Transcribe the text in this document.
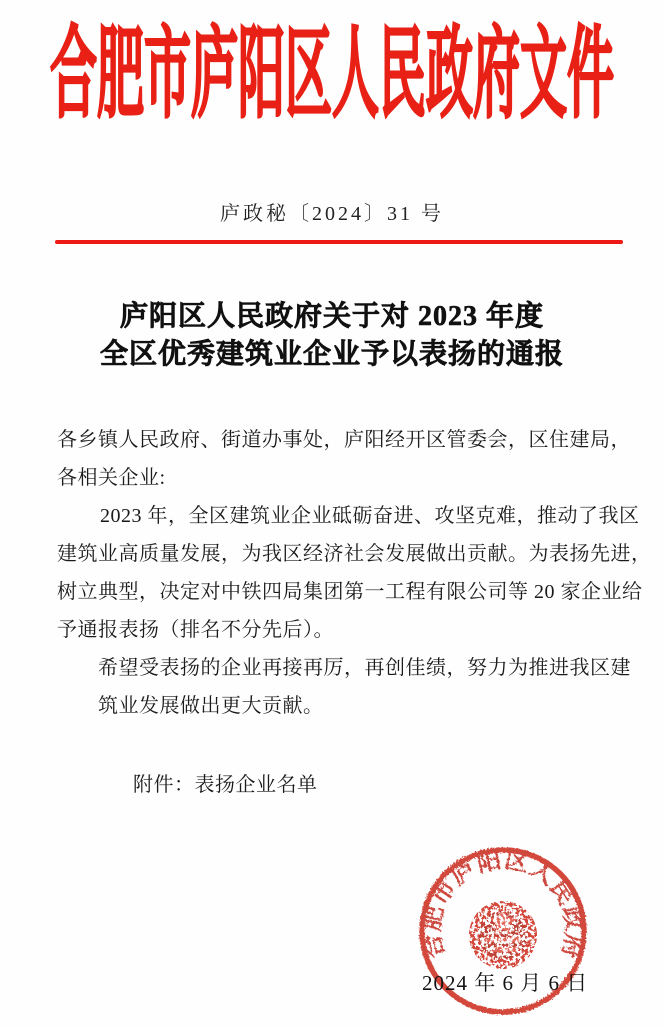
合肥市庐阳区人民政府文件
庐政秘〔2024〕31 号
庐阳区人民政府关于对 2023 年度
全区优秀建筑业企业予以表扬的通报
各乡镇人民政府、街道办事处，庐阳经开区管委会，区住建局，
各相关企业:
2023 年，全区建筑业企业砥砺奋进、攻坚克难，推动了我区
建筑业高质量发展，为我区经济社会发展做出贡献。为表扬先进，
树立典型，决定对中铁四局集团第一工程有限公司等 20 家企业给
予通报表扬（排名不分先后）。
希望受表扬的企业再接再厉，再创佳绩，努力为推进我区建
筑业发展做出更大贡献。
附件：表扬企业名单
合肥市庐阳区人民政府
2024 年 6 月 6 日
